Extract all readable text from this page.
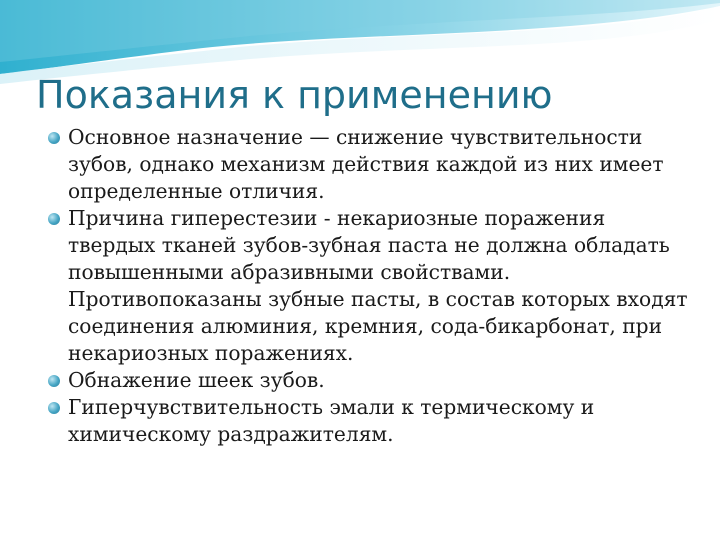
Показания к применению
Основное назначение — снижение чувствительности зубов, однако механизм действия каждой из них имеет определенные отличия.
Причина гиперестезии - некариозные поражения твердых тканей зубов-зубная паста не должна обладать повышенными абразивными свойствами. Противопоказаны зубные пасты, в состав которых входят соединения алюминия, кремния, сода-бикарбонат, при некариозных поражениях.
Обнажение шеек зубов.
Гиперчувствительность эмали к термическому и химическому раздражителям.
